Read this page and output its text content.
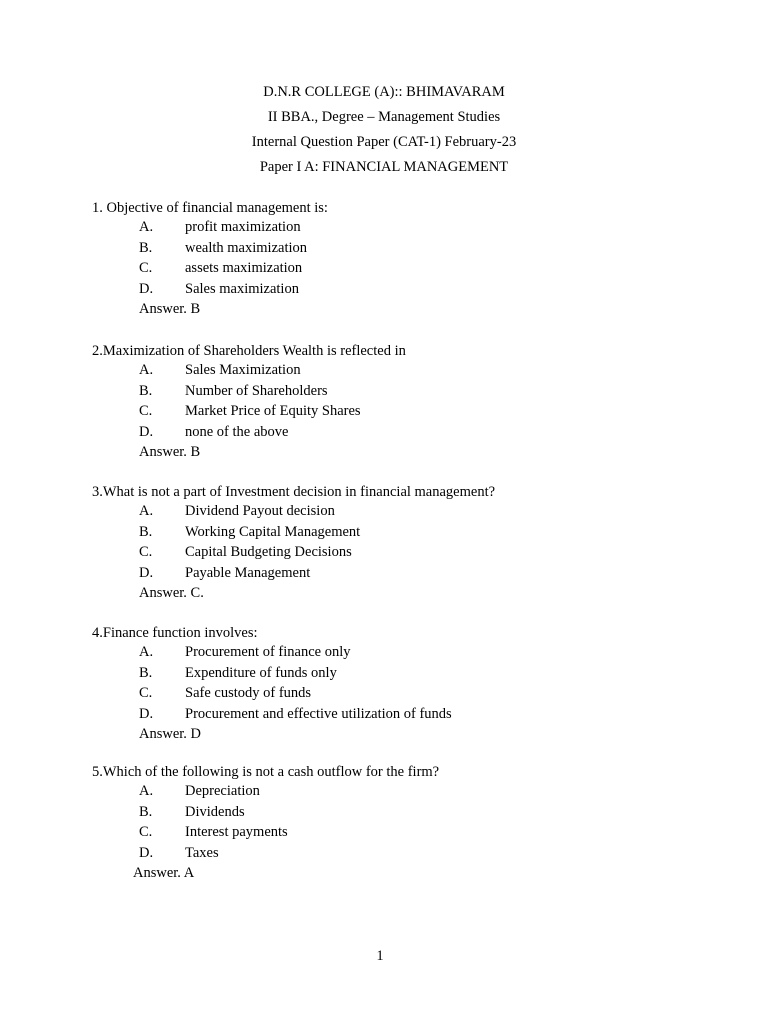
D.N.R COLLEGE (A):: BHIMAVARAM
II BBA., Degree – Management Studies
Internal Question Paper (CAT-1) February-23
Paper I A: FINANCIAL MANAGEMENT
1. Objective of financial management is:
A. profit maximization
B. wealth maximization
C. assets maximization
D. Sales maximization
Answer. B
2.Maximization of Shareholders Wealth is reflected in
A. Sales Maximization
B. Number of Shareholders
C. Market Price of Equity Shares
D. none of the above
Answer. B
3.What is not a part of Investment decision in financial management?
A. Dividend Payout decision
B. Working Capital Management
C. Capital Budgeting Decisions
D. Payable Management
Answer. C.
4.Finance function involves:
A. Procurement of finance only
B. Expenditure of funds only
C. Safe custody of funds
D. Procurement and effective utilization of funds
Answer. D
5.Which of the following is not a cash outflow for the firm?
A. Depreciation
B. Dividends
C. Interest payments
D. Taxes
Answer. A
1
